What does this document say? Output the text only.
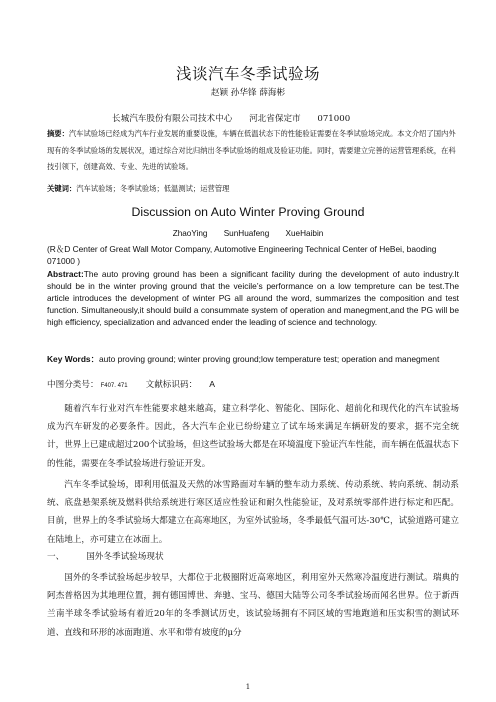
浅谈汽车冬季试验场
赵颖 孙华锋 薛海彬
长城汽车股份有限公司技术中心 河北省保定市 071000
摘要：汽车试验场已经成为汽车行业发展的重要设施，车辆在低温状态下的性能验证需要在冬季试验场完成。本文介绍了国内外现有的冬季试验场的发展状况，通过综合对比归纳出冬季试验场的组成及验证功能。同时，需要建立完善的运营管理系统，在科技引领下，创建高效、专业、先进的试验场。
关键词：汽车试验场；冬季试验场；低温测试；运营管理
Discussion on Auto Winter Proving Ground
ZhaoYing SunHuafeng XueHaibin
(R＆D Center of Great Wall Motor Company, Automotive Engineering Technical Center of HeBei, baoding 071000 )
Abstract:The auto proving ground has been a significant facility during the development of auto industry.It should be in the winter proving ground that the veicile’s performance on a low tempreture can be test.The article introduces the development of winter PG all around the word, summarizes the composition and test function. Simultaneously,it should build a consummate system of operation and manegment,and the PG will be high efficiency, specialization and advanced ender the leading of science and technology.
Key Words：auto proving ground; winter proving ground;low temperature test; operation and manegment
中图分类号： F407. 471 文献标识码： A
随着汽车行业对汽车性能要求越来越高，建立科学化、智能化、国际化、超前化和现代化的汽车试验场成为汽车研发的必要条件。因此，各大汽车企业已纷纷建立了试车场来满足车辆研发的要求，据不完全统计，世界上已建成超过200个试验场，但这些试验场大都是在环境温度下验证汽车性能，而车辆在低温状态下的性能，需要在冬季试验场进行验证开发。
汽车冬季试验场，即利用低温及天然的冰雪路面对车辆的整车动力系统、传动系统、转向系统、制动系统、底盘悬架系统及燃料供给系统进行寒区适应性验证和耐久性能验证，及对系统零部件进行标定和匹配。目前，世界上的冬季试验场大都建立在高寒地区，为室外试验场，冬季最低气温可达-30℃，试验道路可建立在陆地上，亦可建立在冰面上。
一、	国外冬季试验场现状
国外的冬季试验场起步较早，大都位于北极圈附近高寒地区，利用室外天然寒冷温度进行测试。瑞典的阿杰普格因为其地理位置，拥有德国博世、奔驰、宝马、德国大陆等公司冬季试验场而闻名世界。位于新西兰南半球冬季试验场有着近20年的冬季测试历史，该试验场拥有不同区域的雪地跑道和压实积雪的测试环道、直线和环形的冰面跑道、水平和带有坡度的μ分
1
